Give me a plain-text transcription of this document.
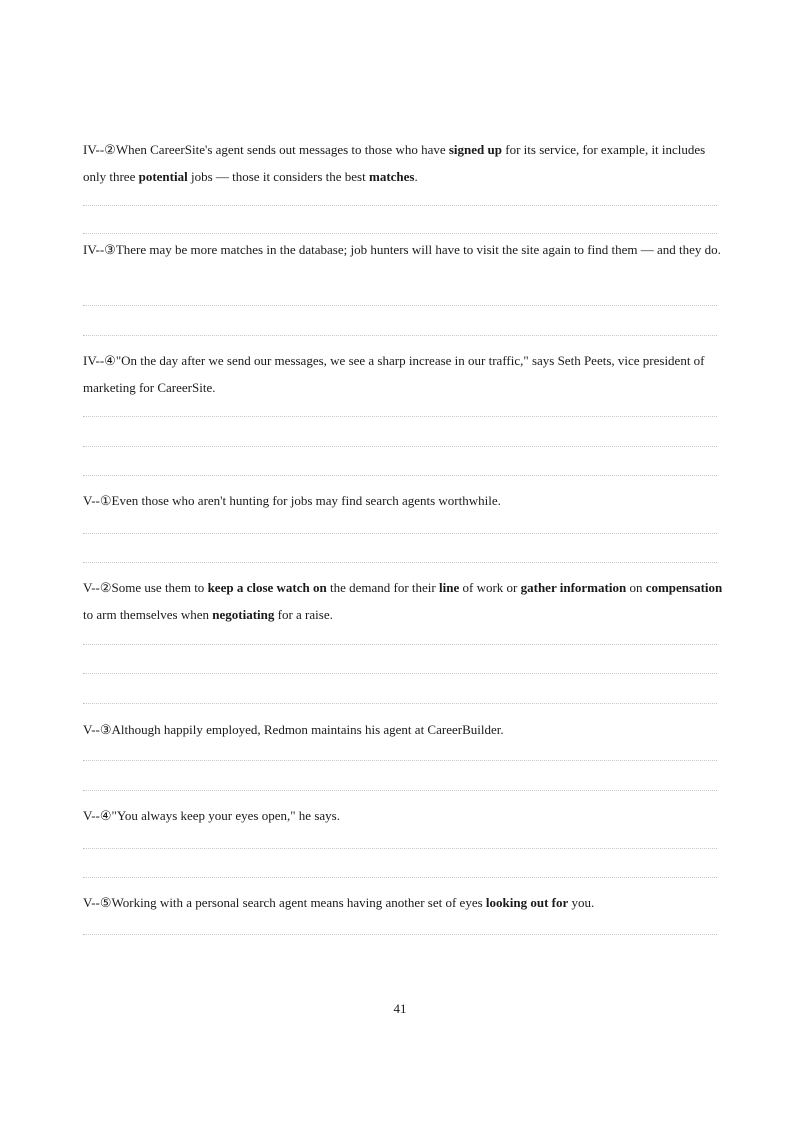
IV--②When CareerSite's agent sends out messages to those who have signed up for its service, for example, it includes only three potential jobs — those it considers the best matches.

IV--③There may be more matches in the database; job hunters will have to visit the site again to find them — and they do.

IV--④"On the day after we send our messages, we see a sharp increase in our traffic," says Seth Peets, vice president of marketing for CareerSite.

V--①Even those who aren't hunting for jobs may find search agents worthwhile.

V--②Some use them to keep a close watch on the demand for their line of work or gather information on compensation to arm themselves when negotiating for a raise.

V--③Although happily employed, Redmon maintains his agent at CareerBuilder.

V--④"You always keep your eyes open," he says.

V--⑤Working with a personal search agent means having another set of eyes looking out for you.

41
